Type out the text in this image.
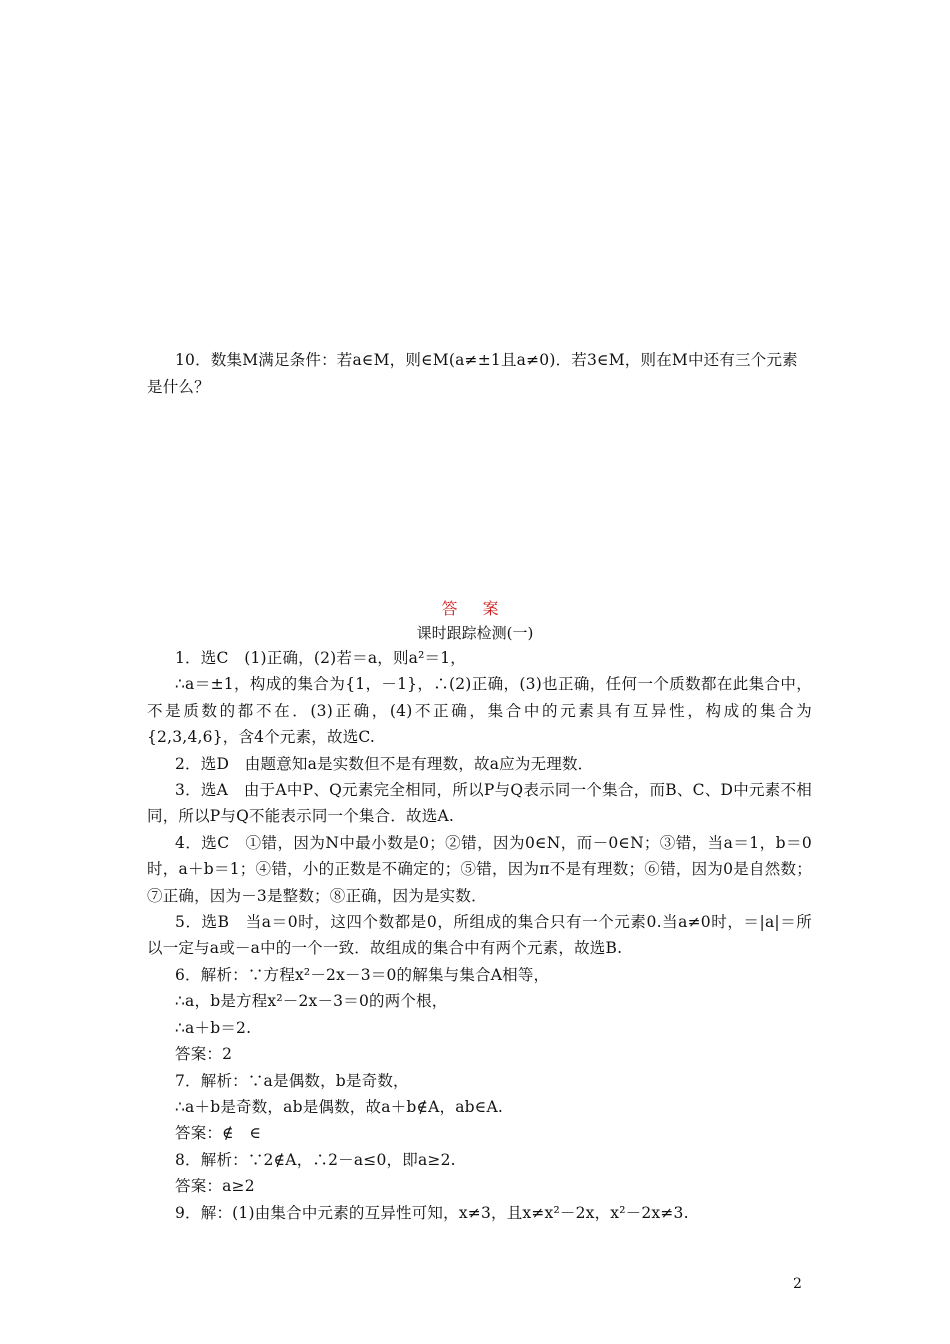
10．数集M满足条件：若a∈M，则∈M(a≠±1且a≠0)．若3∈M，则在M中还有三个元素

是什么？

答 案
课时跟踪检测(一)

1．选C　(1)正确，(2)若＝a，则a²＝1，

∴a＝±1，构成的集合为{1，－1}，∴(2)正确，(3)也正确，任何一个质数都在此集合中，不是质数的都不在．(3)正确，(4)不正确，集合中的元素具有互异性，构成的集合为{2,3,4,6}，含4个元素，故选C.

2．选D　由题意知a是实数但不是有理数，故a应为无理数．

3．选A　由于A中P、Q元素完全相同，所以P与Q表示同一个集合，而B、C、D中元素不相同，所以P与Q不能表示同一个集合．故选A.

4．选C　①错，因为N中最小数是0；②错，因为0∈N，而－0∈N；③错，当a＝1，b＝0时，a＋b＝1；④错，小的正数是不确定的；⑤错，因为π不是有理数；⑥错，因为0是自然数；⑦正确，因为－3是整数；⑧正确，因为是实数．

5．选B　当a＝0时，这四个数都是0，所组成的集合只有一个元素0.当a≠0时，＝|a|＝所以一定与a或－a中的一个一致．故组成的集合中有两个元素，故选B.

6．解析：∵方程x²－2x－3＝0的解集与集合A相等，

∴a，b是方程x²－2x－3＝0的两个根，

∴a＋b＝2.

答案：2

7．解析：∵a是偶数，b是奇数，

∴a＋b是奇数，ab是偶数，故a＋b∉A，ab∈A.

答案：∉　∈

8．解析：∵2∉A，∴2－a≤0，即a≥2.

答案：a≥2

9．解：(1)由集合中元素的互异性可知，x≠3，且x≠x²－2x，x²－2x≠3.

2
